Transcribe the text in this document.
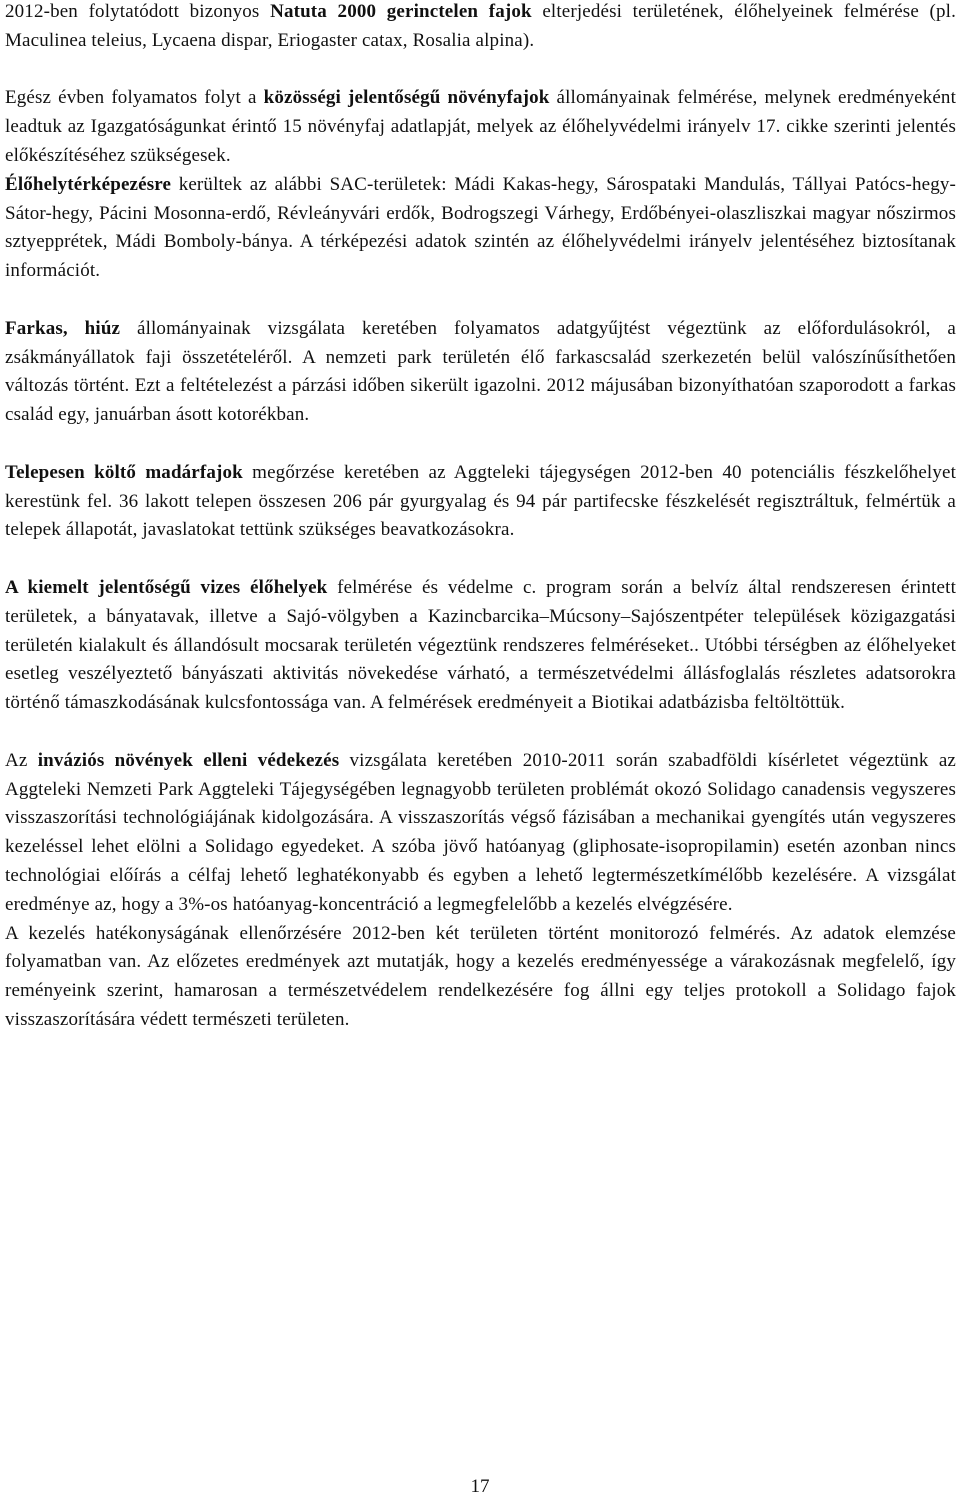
2012-ben folytatódott bizonyos Natuta 2000 gerinctelen fajok elterjedési területének, élőhelyeinek felmérése (pl. Maculinea teleius, Lycaena dispar, Eriogaster catax, Rosalia alpina).

Egész évben folyamatos folyt a közösségi jelentőségű növényfajok állományainak felmérése, melynek eredményeként leadtuk az Igazgatóságunkat érintő 15 növényfaj adatlapját, melyek az élőhelyvédelmi irányelv 17. cikke szerinti jelentés előkészítéséhez szükségesek.

Élőhelytérképezésre kerültek az alábbi SAC-területek: Mádi Kakas-hegy, Sárospataki Mandulás, Tállyai Patócs-hegy-Sátor-hegy, Pácini Mosonna-erdő, Révleányvári erdők, Bodrogszegi Várhegy, Erdőbényei-olaszliszkai magyar nőszirmos sztyepprétek, Mádi Bomboly-bánya. A térképezési adatok szintén az élőhelyvédelmi irányelv jelentéséhez biztosítanak információt.

Farkas, hiúz állományainak vizsgálata keretében folyamatos adatgyűjtést végeztünk az előfordulásokról, a zsákmányállatok faji összetételéről. A nemzeti park területén élő farkascsalád szerkezetén belül valószínűsíthetően változás történt. Ezt a feltételezést a párzási időben sikerült igazolni. 2012 májusában bizonyíthatóan szaporodott a farkas család egy, januárban ásott kotorékban.

Telepesen költő madárfajok megőrzése keretében az Aggteleki tájegységen 2012-ben 40 potenciális fészkelőhelyet kerestünk fel. 36 lakott telepen összesen 206 pár gyurgyalag és 94 pár partifecske fészkelését regisztráltuk, felmértük a telepek állapotát, javaslatokat tettünk szükséges beavatkozásokra.

A kiemelt jelentőségű vizes élőhelyek felmérése és védelme c. program során a belvíz által rendszeresen érintett területek, a bányatavak, illetve a Sajó-völgyben a Kazincbarcika–Múcsony–Sajószentpéter települések közigazgatási területén kialakult és állandósult mocsarak területén végeztünk rendszeres felméréseket.. Utóbbi térségben az élőhelyeket esetleg veszélyeztető bányászati aktivitás növekedése várható, a természetvédelmi állásfoglalás részletes adatsorokra történő támaszkodásának kulcsfontossága van. A felmérések eredményeit a Biotikai adatbázisba feltöltöttük.

Az inváziós növények elleni védekezés vizsgálata keretében 2010-2011 során szabadföldi kísérletet végeztünk az Aggteleki Nemzeti Park Aggteleki Tájegységében legnagyobb területen problémát okozó Solidago canadensis vegyszeres visszaszorítási technológiájának kidolgozására. A visszaszorítás végső fázisában a mechanikai gyengítés után vegyszeres kezeléssel lehet elölni a Solidago egyedeket. A szóba jövő hatóanyag (gliphosate-isopropilamin) esetén azonban nincs technológiai előírás a célfaj lehető leghatékonyabb és egyben a lehető legtermészetkímélőbb kezelésére. A vizsgálat eredménye az, hogy a 3%-os hatóanyag-koncentráció a legmegfelelőbb a kezelés elvégzésére.

A kezelés hatékonyságának ellenőrzésére 2012-ben két területen történt monitorozó felmérés. Az adatok elemzése folyamatban van. Az előzetes eredmények azt mutatják, hogy a kezelés eredményessége a várakozásnak megfelelő, így reményeink szerint, hamarosan a természetvédelem rendelkezésére fog állni egy teljes protokoll a Solidago fajok visszaszorítására védett természeti területen.

17
